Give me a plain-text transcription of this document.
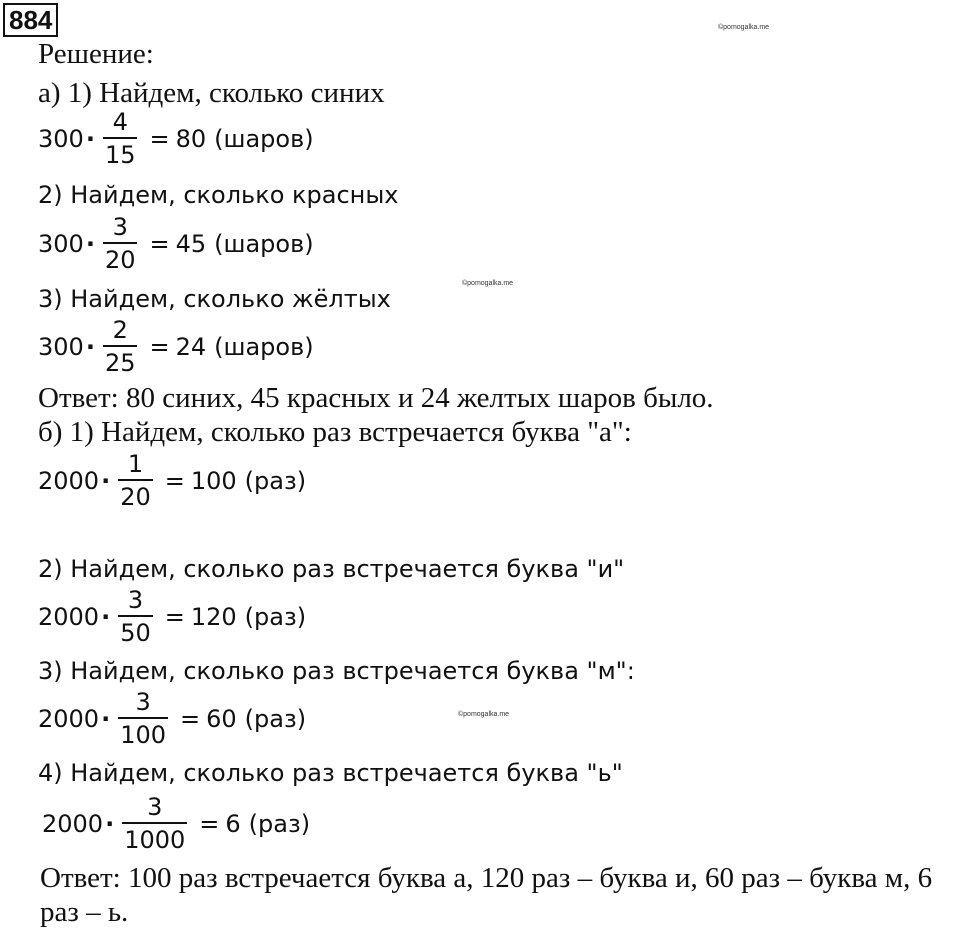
884	©pomogalka.me
©pomogalka.me
©pomogalka.me
Решение:
а) 1) Найдем, сколько синих
$300 \cdot \frac{4}{15} = 80$ (шаров)
2) Найдем, сколько красных
$300 \cdot \frac{3}{20} = 45$ (шаров)
3) Найдем, сколько жёлтых
$300 \cdot \frac{2}{25} = 24$ (шаров)
Ответ: 80 синих, 45 красных и 24 желтых шаров было.
б) 1) Найдем, сколько раз встречается буква "а":
$2000 \cdot \frac{1}{20} = 100$ (раз)
2) Найдем, сколько раз встречается буква "и"
$2000 \cdot \frac{3}{50} = 120$ (раз)
3) Найдем, сколько раз встречается буква "м":
$2000 \cdot \frac{3}{100} = 60$ (раз)
4) Найдем, сколько раз встречается буква "ь"
$2000 \cdot \frac{3}{1000} = 6$ (раз)
Ответ: 100 раз встречается буква а, 120 раз – буква и, 60 раз – буква м, 6
раз – ь.
